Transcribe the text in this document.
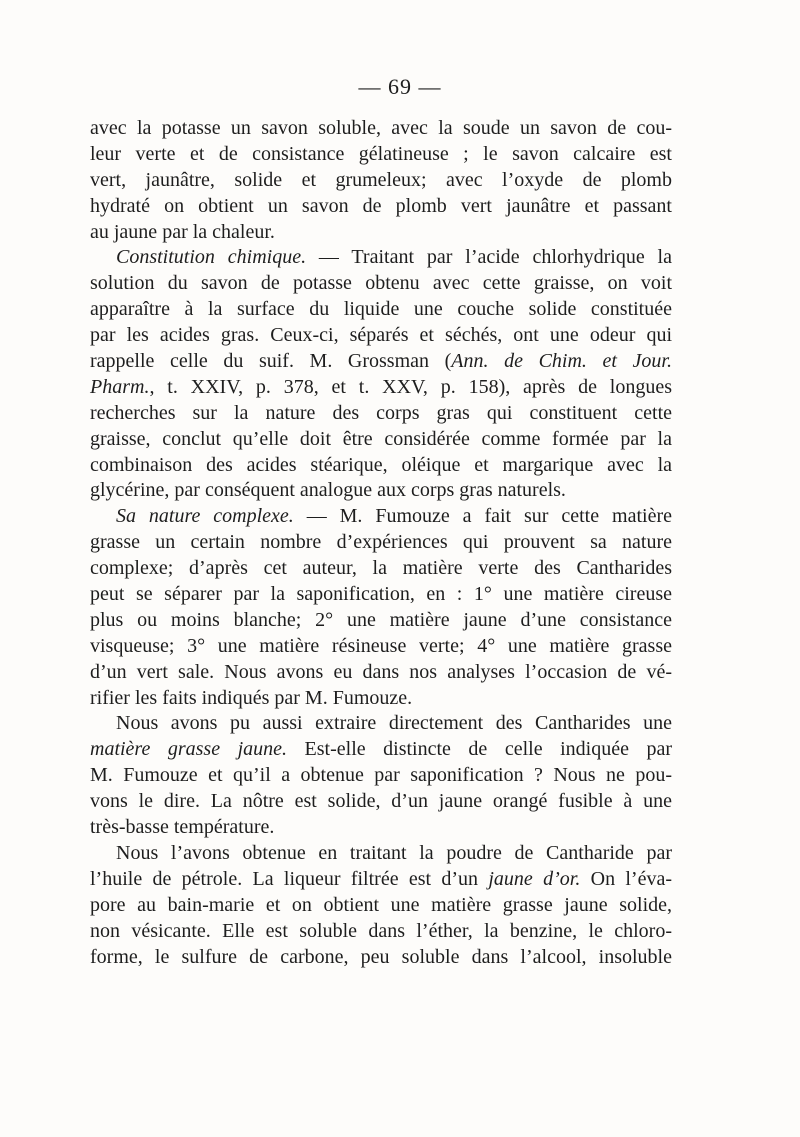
— 69 —
avec la potasse un savon soluble, avec la soude un savon de cou-
leur verte et de consistance gélatineuse ; le savon calcaire est
vert, jaunâtre, solide et grumeleux; avec l’oxyde de plomb
hydraté on obtient un savon de plomb vert jaunâtre et passant
au jaune par la chaleur.
Constitution chimique. — Traitant par l’acide chlorhydrique la
solution du savon de potasse obtenu avec cette graisse, on voit
apparaître à la surface du liquide une couche solide constituée
par les acides gras. Ceux-ci, séparés et séchés, ont une odeur qui
rappelle celle du suif. M. Grossman (Ann. de Chim. et Jour.
Pharm., t. XXIV, p. 378, et t. XXV, p. 158), après de longues
recherches sur la nature des corps gras qui constituent cette
graisse, conclut qu’elle doit être considérée comme formée par la
combinaison des acides stéarique, oléique et margarique avec la
glycérine, par conséquent analogue aux corps gras naturels.
Sa nature complexe. — M. Fumouze a fait sur cette matière
grasse un certain nombre d’expériences qui prouvent sa nature
complexe; d’après cet auteur, la matière verte des Cantharides
peut se séparer par la saponification, en : 1° une matière cireuse
plus ou moins blanche; 2° une matière jaune d’une consistance
visqueuse; 3° une matière résineuse verte; 4° une matière grasse
d’un vert sale. Nous avons eu dans nos analyses l’occasion de vé-
rifier les faits indiqués par M. Fumouze.
Nous avons pu aussi extraire directement des Cantharides une
matière grasse jaune. Est-elle distincte de celle indiquée par
M. Fumouze et qu’il a obtenue par saponification ? Nous ne pou-
vons le dire. La nôtre est solide, d’un jaune orangé fusible à une
très-basse température.
Nous l’avons obtenue en traitant la poudre de Cantharide par
l’huile de pétrole. La liqueur filtrée est d’un jaune d’or. On l’éva-
pore au bain-marie et on obtient une matière grasse jaune solide,
non vésicante. Elle est soluble dans l’éther, la benzine, le chloro-
forme, le sulfure de carbone, peu soluble dans l’alcool, insoluble
